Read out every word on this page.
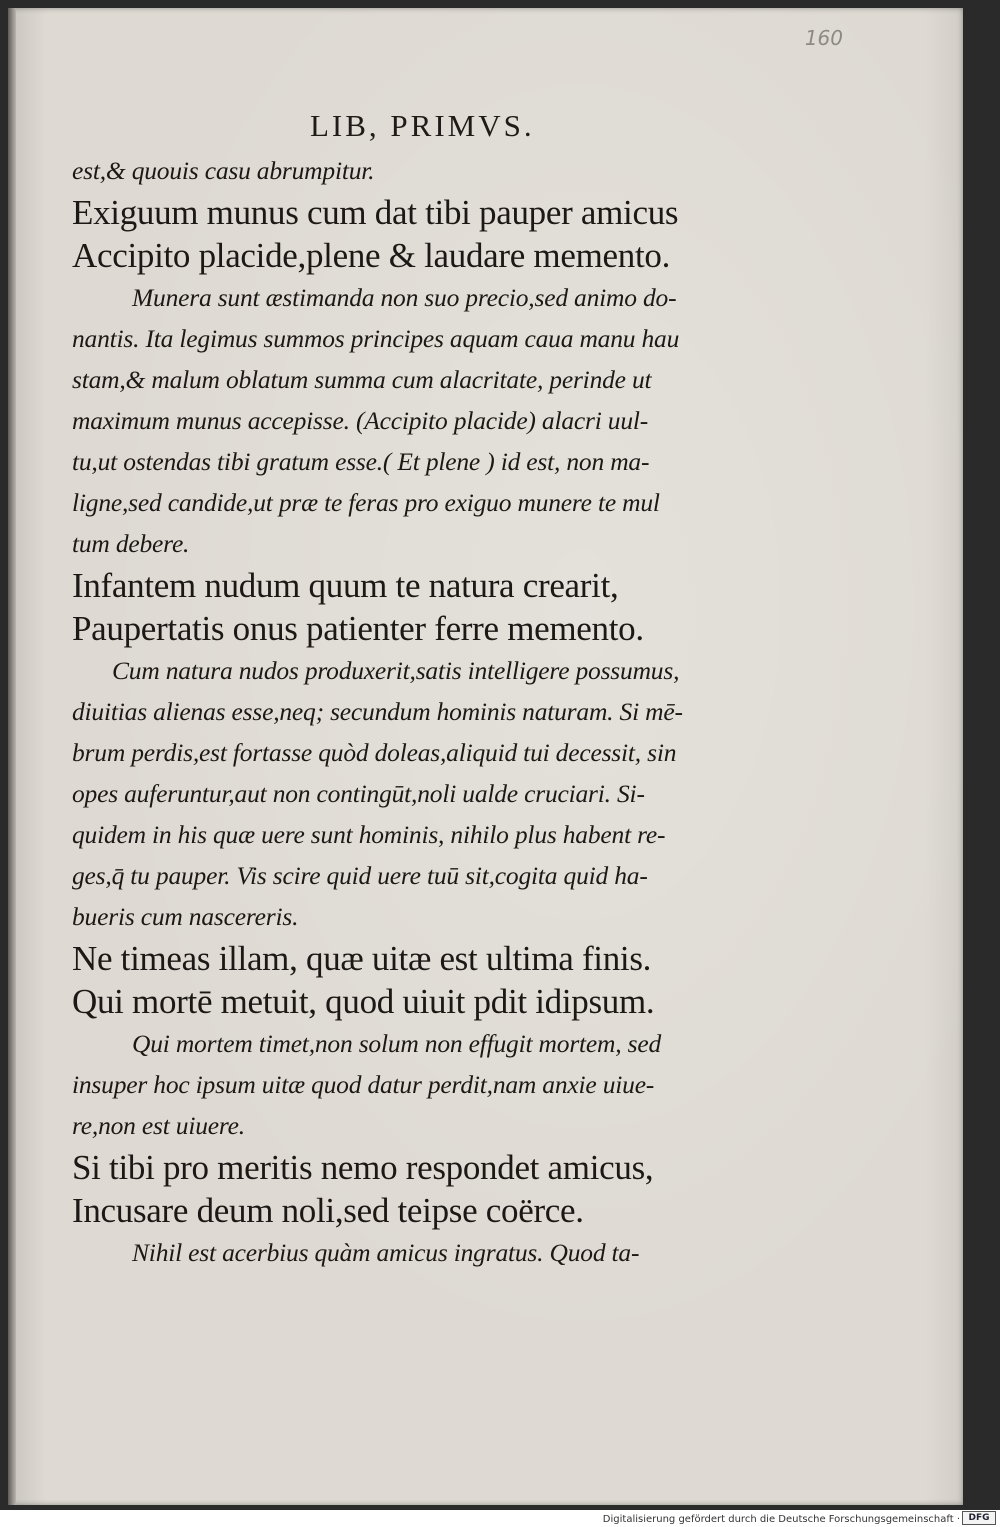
160
LIB, PRIMVS.
est,& quouis casu abrumpitur.
Exiguum munus cum dat tibi pauper amicus
Accipito placide,plene & laudare memento.
Munera sunt æstimanda non suo precio,sed animo do-
nantis. Ita legimus summos principes aquam caua manu hau
stam,& malum oblatum summa cum alacritate, perinde ut
maximum munus accepisse. (Accipito placide) alacri uul-
tu,ut ostendas tibi gratum esse.( Et plene ) id est, non ma-
ligne,sed candide,ut præ te feras pro exiguo munere te mul
tum debere.
Infantem nudum quum te natura crearit,
Paupertatis onus patienter ferre memento.
Cum natura nudos produxerit,satis intelligere possumus,
diuitias alienas esse,neq; secundum hominis naturam. Si mē-
brum perdis,est fortasse quòd doleas,aliquid tui decessit, sin
opes auferuntur,aut non contingūt,noli ualde cruciari. Si-
quidem in his quæ uere sunt hominis, nihilo plus habent re-
ges,q̄ tu pauper. Vis scire quid uere tuū sit,cogita quid ha-
bueris cum nascereris.
Ne timeas illam, quæ uitæ est ultima finis.
Qui mortē metuit, quod uiuit pdit idipsum.
Qui mortem timet,non solum non effugit mortem, sed
insuper hoc ipsum uitæ quod datur perdit,nam anxie uiue-
re,non est uiuere.
Si tibi pro meritis nemo respondet amicus,
Incusare deum noli,sed teipse coërce.
Nihil est acerbius quàm amicus ingratus. Quod ta-
Digitalisierung gefördert durch die Deutsche Forschungsgemeinschaft · DFG
